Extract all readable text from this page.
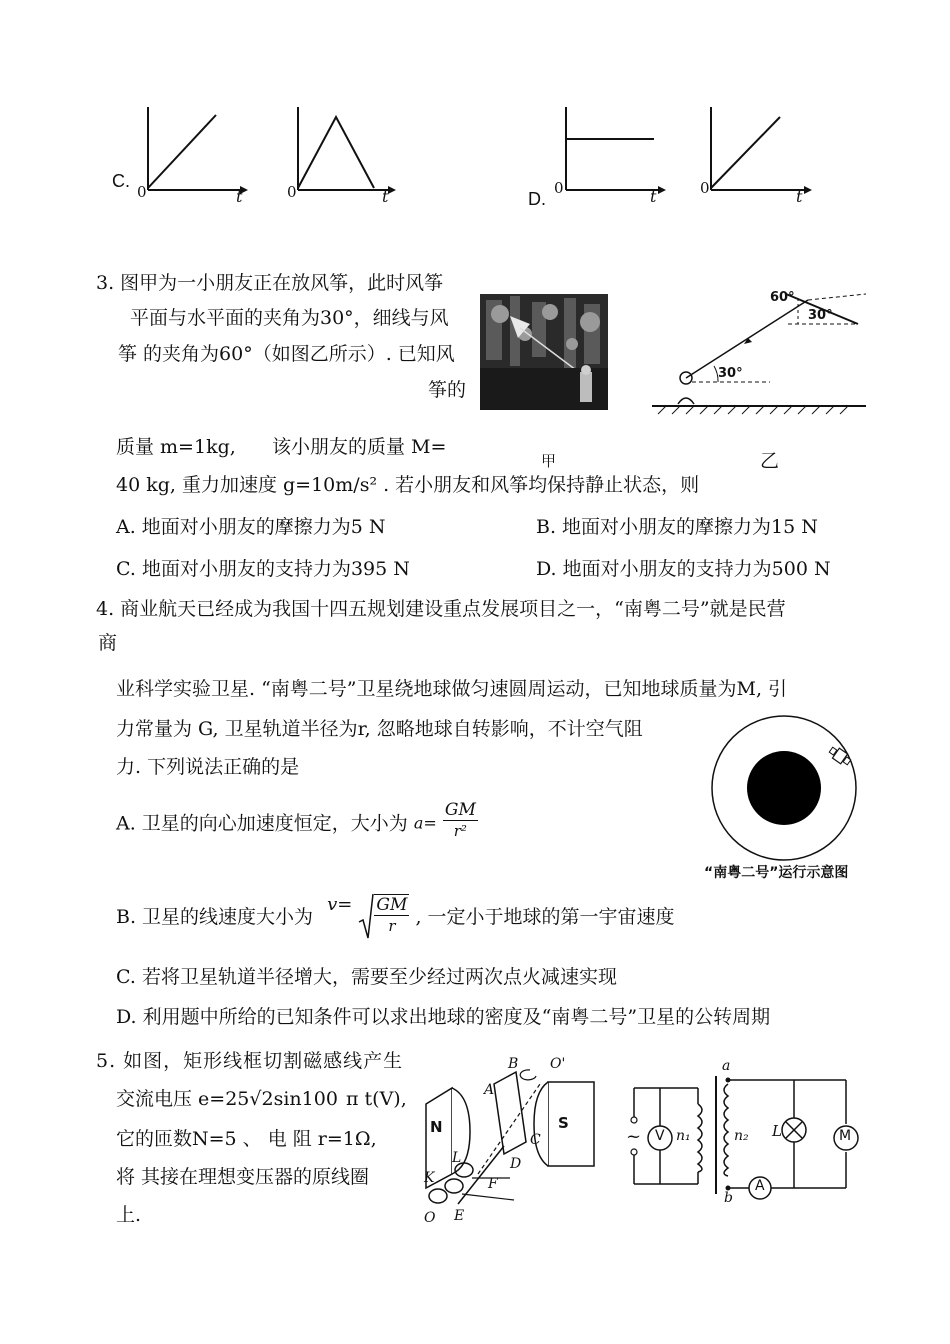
C.
D.
0	0	0	0
t	t	t	t
3. 图甲为一小朋友正在放风筝，此时风筝
平面与水平面的夹角为30°，细线与风
筝 的夹角为60°（如图乙所示）. 已知风
筝的
60°
30°
30°
质量 m=1kg, 该小朋友的质量 M=
甲	乙
40 kg, 重力加速度 g=10m/s² . 若小朋友和风筝均保持静止状态，则
A. 地面对小朋友的摩擦力为5 N	B. 地面对小朋友的摩擦力为15 N
C. 地面对小朋友的支持力为395 N	D. 地面对小朋友的支持力为500 N
4. 商业航天已经成为我国十四五规划建设重点发展项目之一，“南粤二号”就是民营
商
业科学实验卫星. “南粤二号”卫星绕地球做匀速圆周运动，已知地球质量为M, 引
力常量为 G, 卫星轨道半径为r, 忽略地球自转影响，不计空气阻
力. 下列说法正确的是
“南粤二号”运行示意图
A. 卫星的向心加速度恒定，大小为 $a= \frac{GM}{\text{r²}}$
B. 卫星的线速度大小为 $v= \frac{GM}{r}$ , 一定小于地球的第一宇宙速度
C. 若将卫星轨道半径增大，需要至少经过两次点火减速实现
D. 利用题中所给的已知条件可以求出地球的密度及“南粤二号”卫星的公转周期
5. 如图，矩形线框切割磁感线产生
交流电压 e=25√2sin100 π t(V),
它的匝数N=5 、 电 阻 r=1Ω,
将 其接在理想变压器的原线圈
上.
N	S
A
B
C
D
F
E
K
L
O
O'
~ V n₁	n₂
a
b
L
A
M
